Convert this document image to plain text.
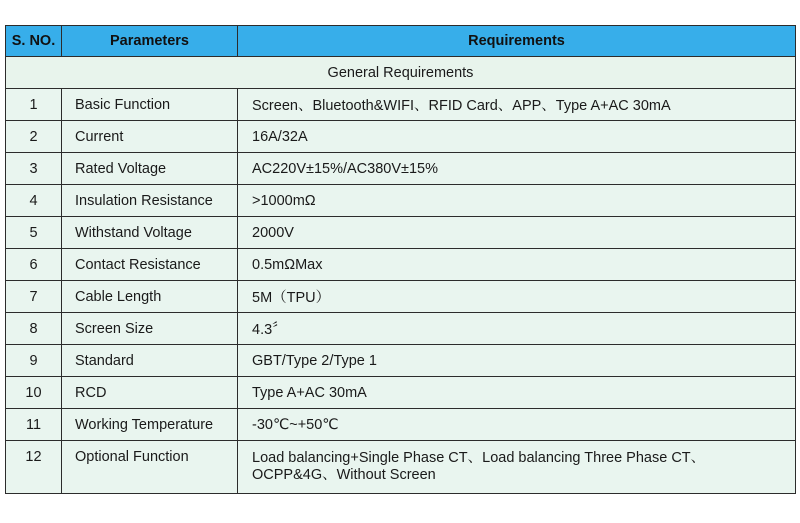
S. NO.	Parameters	Requirements
General Requirements		
1	Basic Function	Screen、Bluetooth&WIFI、RFID Card、APP、Type A+AC 30mA
2	Current	16A/32A
3	Rated Voltage	AC220V±15%/AC380V±15%
4	Insulation Resistance	>1000mΩ
5	Withstand Voltage	2000V
6	Contact Resistance	0.5mΩMax
7	Cable Length	5M（TPU）
8	Screen Size	4.3〞
9	Standard	GBT/Type 2/Type 1
10	RCD	Type A+AC 30mA
11	Working Temperature	-30℃~+50℃
12	Optional Function	Load balancing+Single Phase CT、Load balancing Three Phase CT、
OCPP&4G、Without Screen
